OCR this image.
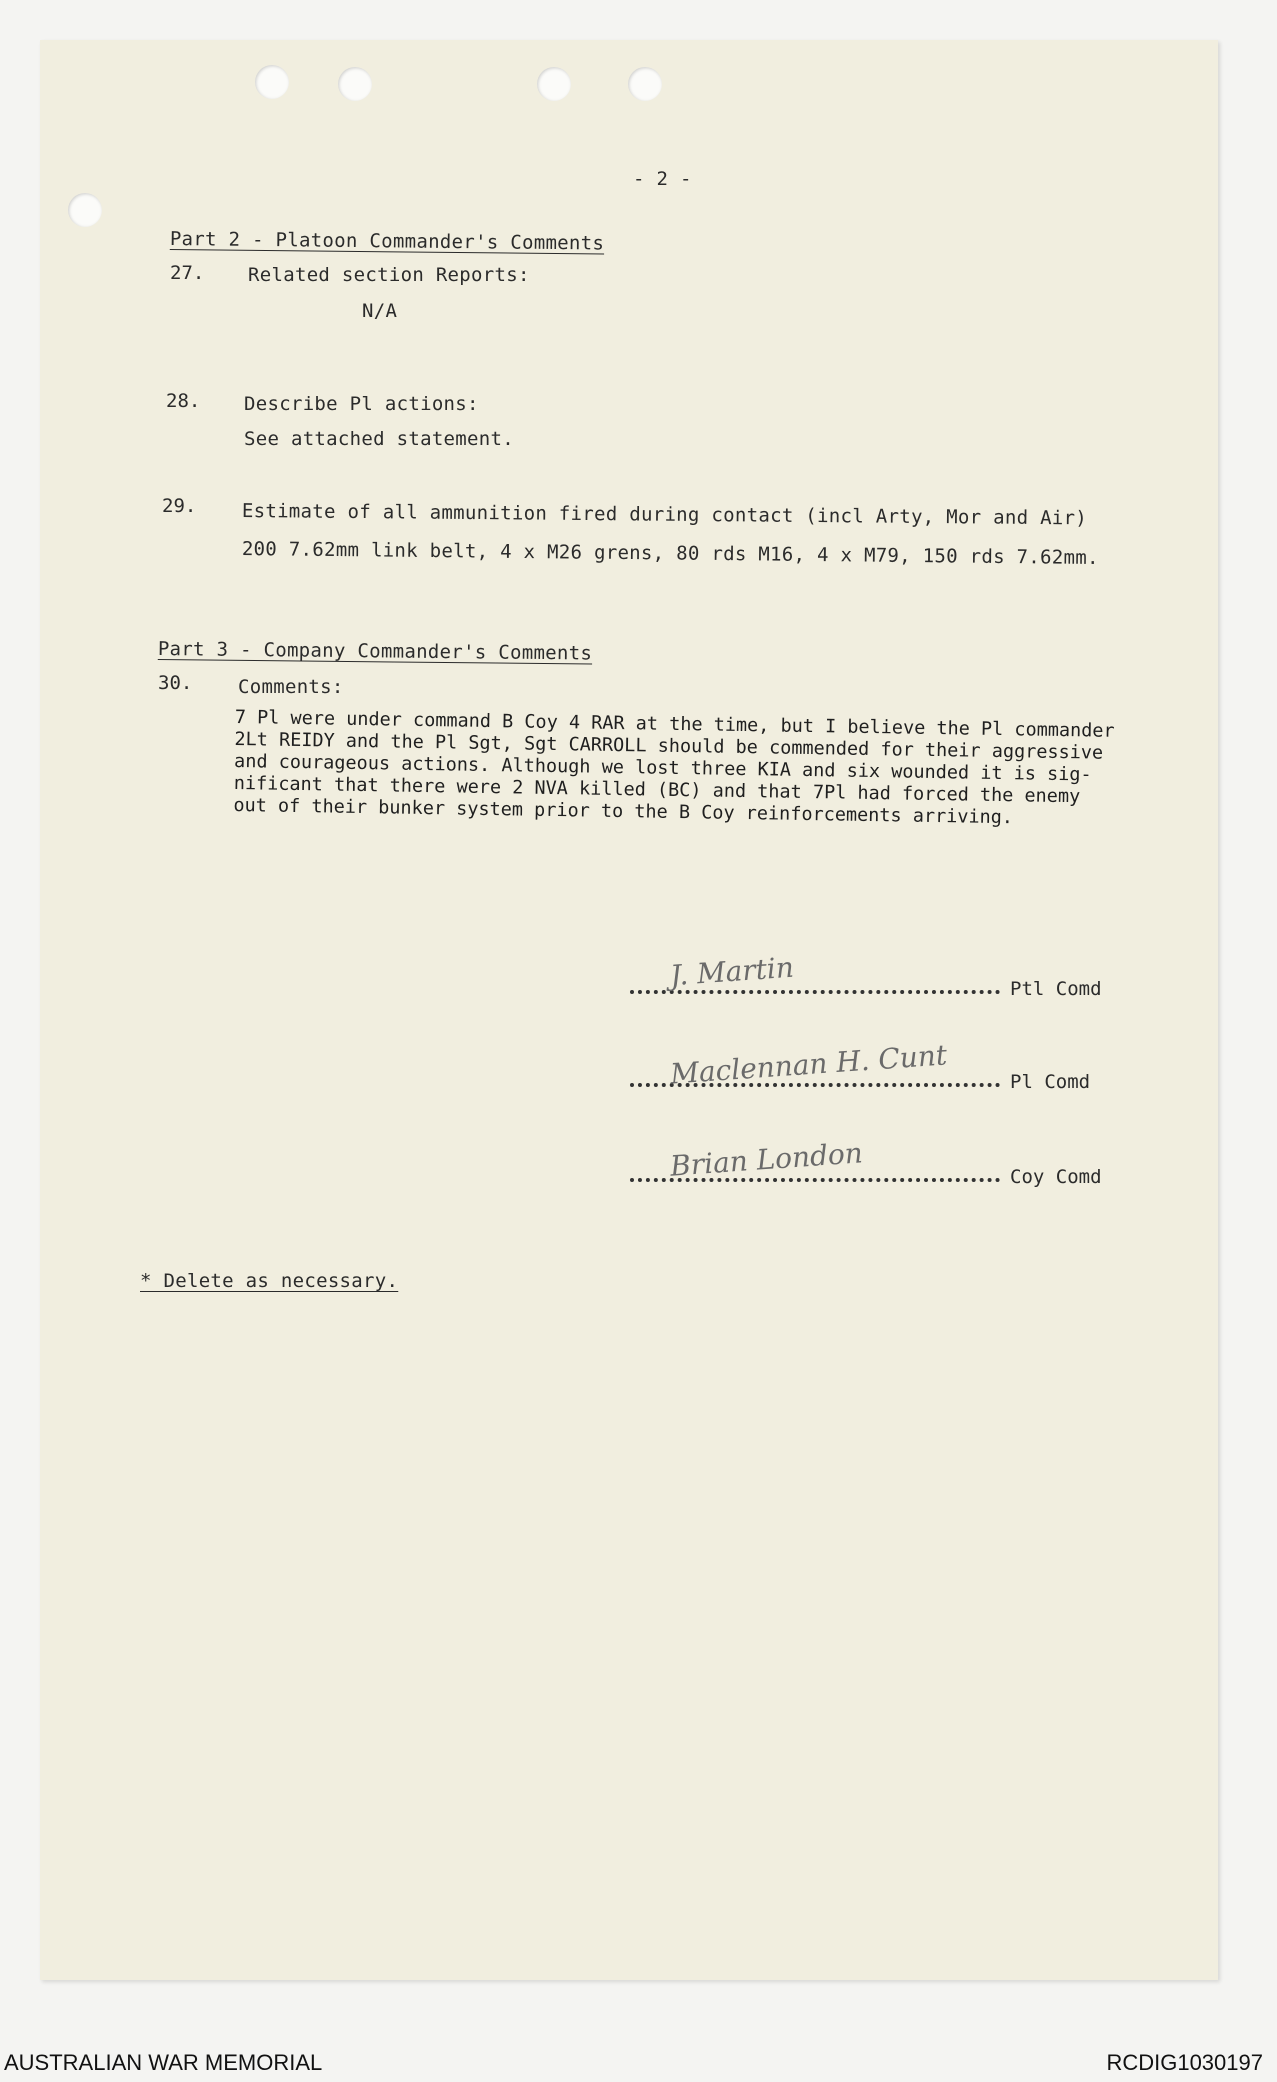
- 2 -
Part 2 - Platoon Commander's Comments
27. Related section Reports:
N/A
28. Describe Pl actions:
See attached statement.
29. Estimate of all ammunition fired during contact (incl Arty, Mor and Air)
200 7.62mm link belt, 4 x M26 grens, 80 rds M16, 4 x M79, 150 rds 7.62mm.
Part 3 - Company Commander's Comments
30. Comments:
7 Pl were under command B Coy 4 RAR at the time, but I believe the Pl commander
2Lt REIDY and the Pl Sgt, Sgt CARROLL should be commended for their aggressive
and courageous actions. Although we lost three KIA and six wounded it is sig-
nificant that there were 2 NVA killed (BC) and that 7Pl had forced the enemy
out of their bunker system prior to the B Coy reinforcements arriving.
J. Martin	Ptl Comd
Maclennan H. Cunt	Pl Comd
Brian London	Coy Comd
* Delete as necessary.
AUSTRALIAN WAR MEMORIAL	RCDIG1030197
